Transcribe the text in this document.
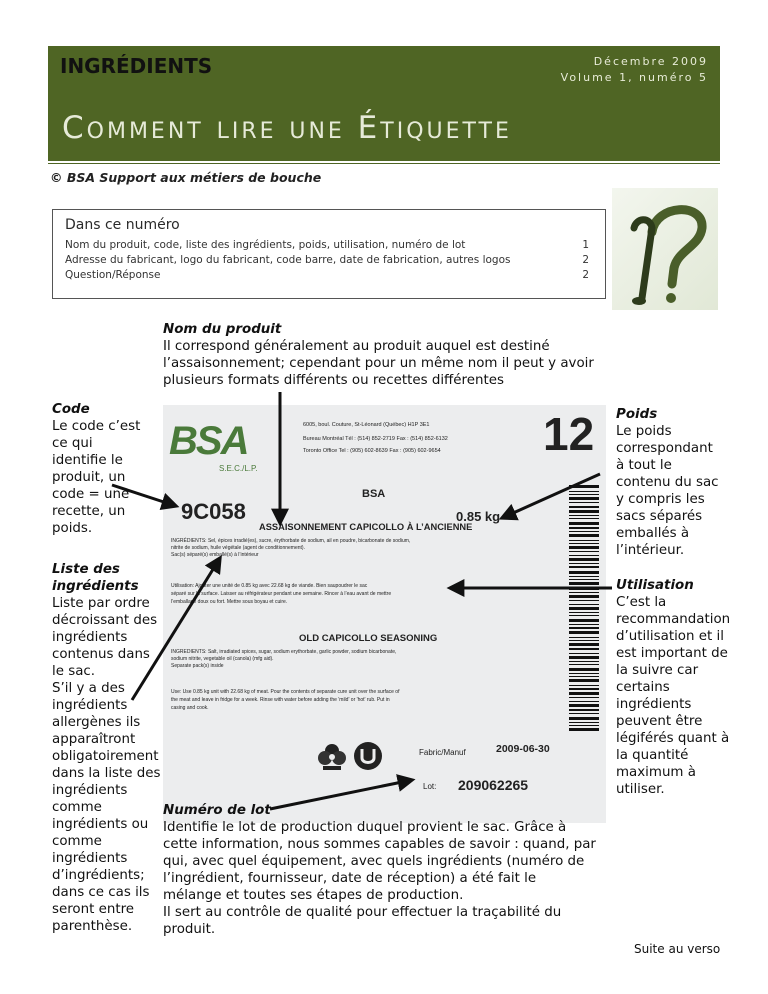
INGRÉDIENTS	Décembre 2009
Volume 1, numéro 5
Comment lire une Étiquette
© BSA Support aux métiers de bouche
Dans ce numéro
Nom du produit, code, liste des ingrédients, poids, utilisation, numéro de lot	1
Adresse du fabricant, logo du fabricant, code barre, date de fabrication, autres logos	2
Question/Réponse	2
Nom du produit
Il correspond généralement au produit auquel est destiné
l’assaisonnement; cependant pour un même nom il peut y avoir
plusieurs formats différents ou recettes différentes
Code
Le code c’est
ce qui
identifie le
produit, un
code = une
recette, un
poids.
Liste des
ingrédients
Liste par ordre
décroissant des
ingrédients
contenus dans
le sac.
S’il y a des
ingrédients
allergènes ils
apparaîtront
obligatoirement
dans la liste des
ingrédients
comme
ingrédients ou
comme
ingrédients
d’ingrédients;
dans ce cas ils
seront entre
parenthèse.
Poids
Le poids
correspondant
à tout le
contenu du sac
y compris les
sacs séparés
emballés à
l’intérieur.
Utilisation
C’est la
recommandation
d’utilisation et il
est important de
la suivre car
certains
ingrédients
peuvent être
légiférés quant à
la quantité
maximum à
utiliser.
BSA
S.E.C./L.P.
6005, boul. Couture, St-Léonard (Québec) H1P 3E1
Bureau Montréal Tél : (514) 852-2719 Fax : (514) 852-6132
Toronto Office Tel : (905) 602-8639 Fax : (905) 602-9654 12
9C058
BSA
0.85 kg
ASSAISONNEMENT CAPICOLLO À L’ANCIENNE
INGRÉDIENTS: Sel, épices irradié(es), sucre, érythorbate de sodium, ail en poudre, bicarbonate de sodium,
nitrite de sodium, huile végétale (agent de conditionnement).
Sac(s) séparé(s) emballé(s) à l’intérieur
Utilisation: Ajouter une unité de 0.85 kg avec 22.68 kg de viande. Bien saupoudrer le sac
séparé sur la surface. Laisser au réfrigérateur pendant une semaine. Rincer à l’eau avant de mettre
l’emballage doux ou fort. Mettre sous boyau et cuire.
OLD CAPICOLLO SEASONING
INGREDIENTS: Salt, irradiated spices, sugar, sodium erythorbate, garlic powder, sodium bicarbonate,
sodium nitrite, vegetable oil (canola) (mfg aid).
Separate pack(s) inside
Use: Use 0.85 kg unit with 22.68 kg of meat. Pour the contents of separate cure unit over the surface of
the meat and leave in fridge for a week. Rinse with water before adding the 'mild' or 'hot' rub. Put in
casing and cook.
Fabric/Manuf	2009-06-30
Lot: 209062265
Numéro de lot
Identifie le lot de production duquel provient le sac. Grâce à
cette information, nous sommes capables de savoir : quand, par
qui, avec quel équipement, avec quels ingrédients (numéro de
l’ingrédient, fournisseur, date de réception) a été fait le
mélange et toutes ses étapes de production.
Il sert au contrôle de qualité pour effectuer la traçabilité du
produit.
Suite au verso
